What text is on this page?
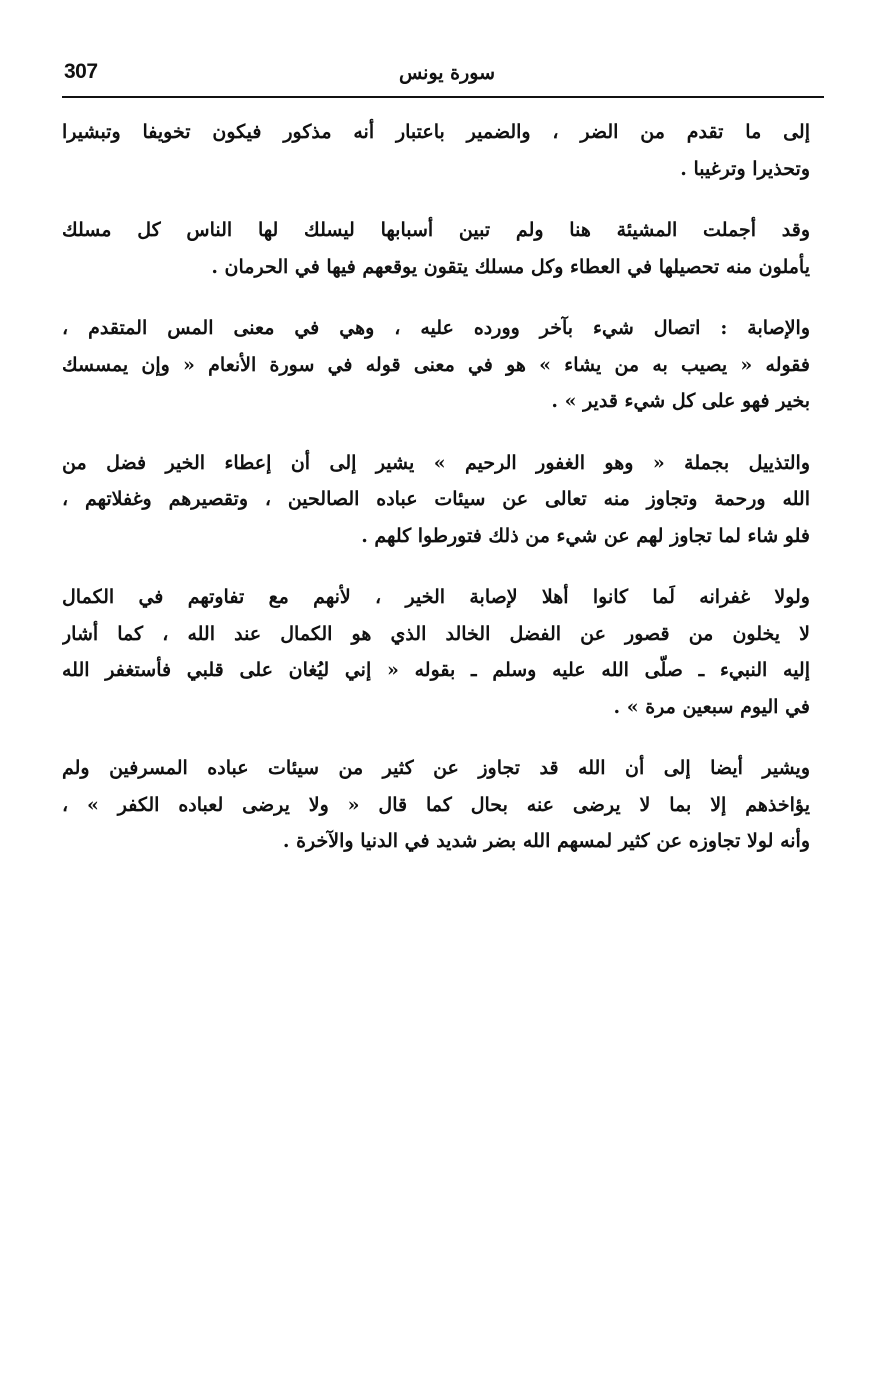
307	سورة يونس

إلى ما تقدم من الضر ، والضمير باعتبار أنه مذكور فيكون تخويفا وتبشيرا
وتحذيرا وترغيبا .

وقد أجملت المشيئة هنا ولم تبين أسبابها ليسلك لها الناس كل مسلك
يأملون منه تحصيلها في العطاء وكل مسلك يتقون يوقعهم فيها في الحرمان .

والإصابة : اتصال شيء بآخر وورده عليه ، وهي في معنى المس المتقدم ،
فقوله « يصيب به من يشاء » هو في معنى قوله في سورة الأنعام « وإن يمسسك
بخير فهو على كل شيء قدير » .

والتذييل بجملة « وهو الغفور الرحيم » يشير إلى أن إعطاء الخير فضل من
الله ورحمة وتجاوز منه تعالى عن سيئات عباده الصالحين ، وتقصيرهم وغفلاتهم ،
فلو شاء لما تجاوز لهم عن شيء من ذلك فتورطوا كلهم .

ولولا غفرانه لَما كانوا أهلا لإصابة الخير ، لأنهم مع تفاوتهم في الكمال
لا يخلون من قصور عن الفضل الخالد الذي هو الكمال عند الله ، كما أشار
إليه النبيء ـ صلّى الله عليه وسلم ـ بقوله « إني ليُغان على قلبي فأستغفر الله
في اليوم سبعين مرة » .

ويشير أيضا إلى أن الله قد تجاوز عن كثير من سيئات عباده المسرفين ولم
يؤاخذهم إلا بما لا يرضى عنه بحال كما قال « ولا يرضى لعباده الكفر » ،
وأنه لولا تجاوزه عن كثير لمسهم الله بضر شديد في الدنيا والآخرة .
